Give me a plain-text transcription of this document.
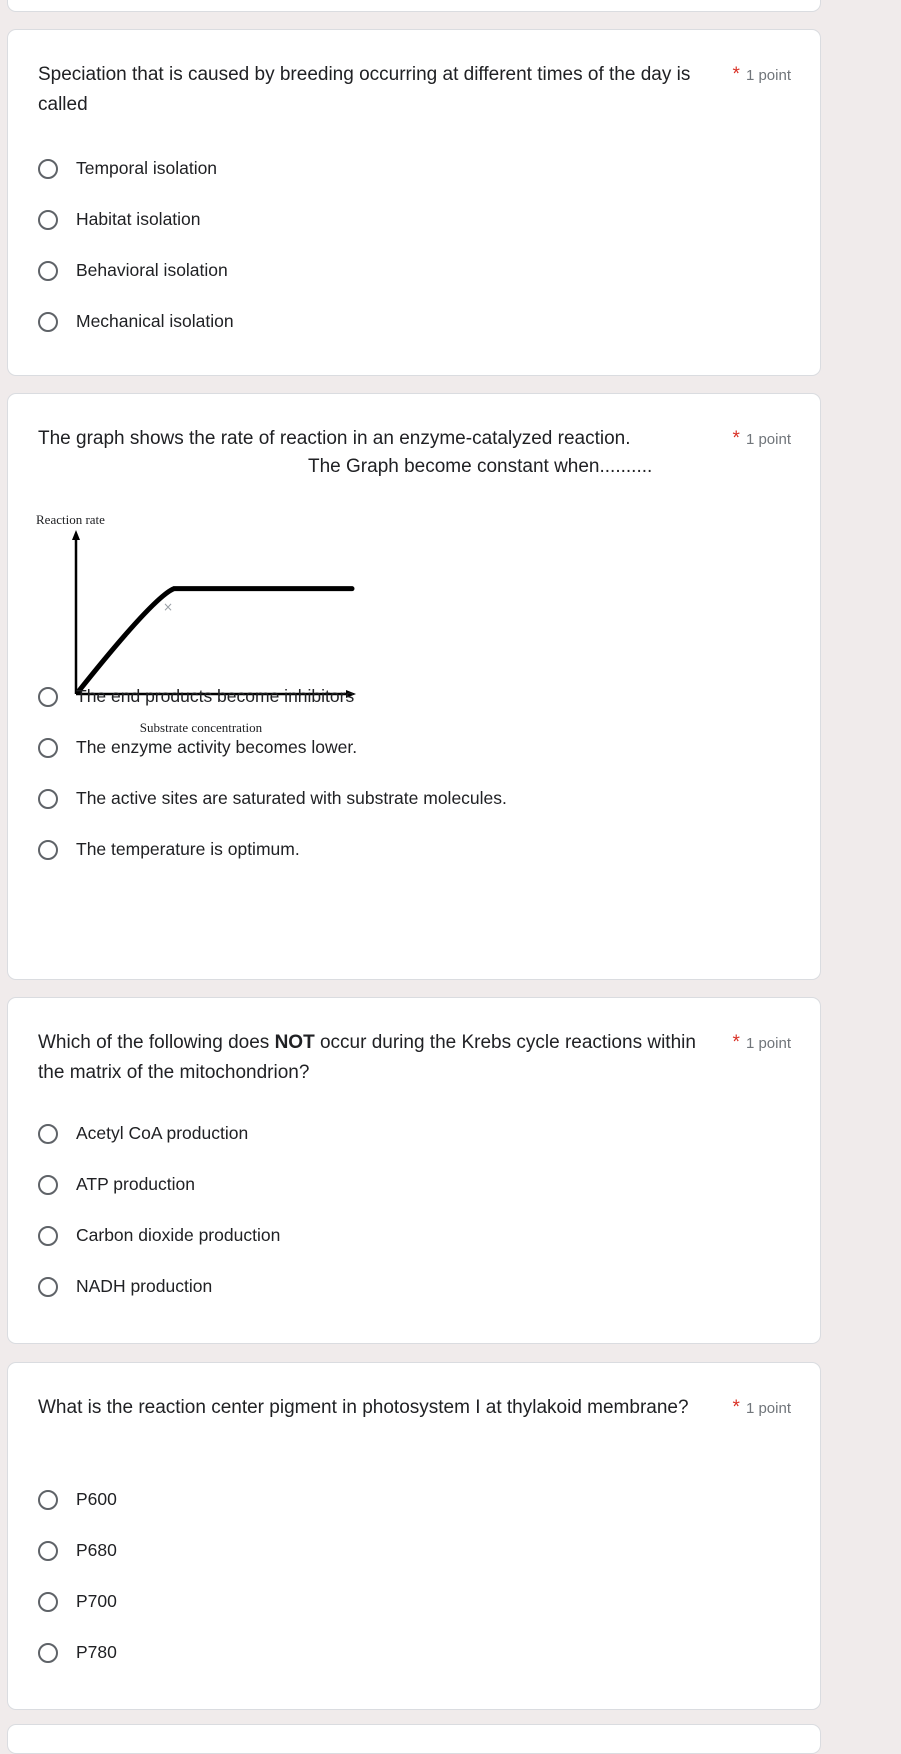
Speciation that is caused by breeding occurring at different times of the day is called
* 1 point
Temporal isolation
Habitat isolation
Behavioral isolation
Mechanical isolation
The graph shows the rate of reaction in an enzyme-catalyzed reaction.	* 1 point
The Graph become constant when..........
Reaction rate
×
Substrate concentration
The end products become inhibitors
The enzyme activity becomes lower.
The active sites are saturated with substrate molecules.
The temperature is optimum.
Which of the following does NOT occur during the Krebs cycle reactions within the matrix of the mitochondrion?
* 1 point
Acetyl CoA production
ATP production
Carbon dioxide production
NADH production
What is the reaction center pigment in photosystem I at thylakoid membrane?	* 1 point
P600
P680
P700
P780
